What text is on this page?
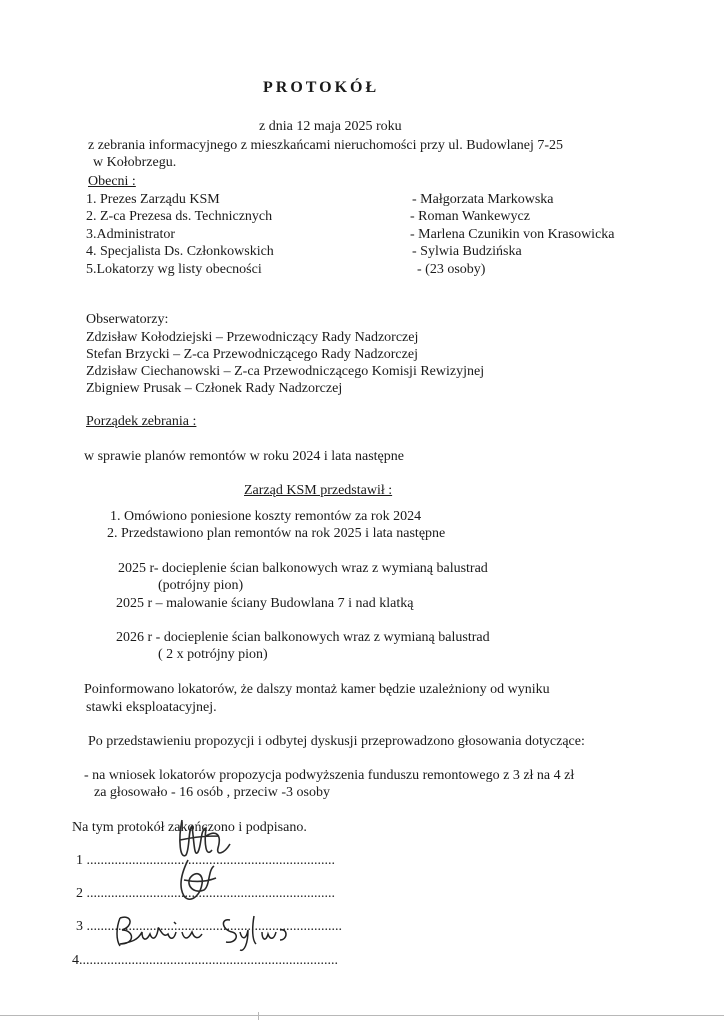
PROTOKÓŁ
z dnia 12 maja 2025 roku
z zebrania informacyjnego z mieszkańcami nieruchomości przy ul. Budowlanej 7-25
w Kołobrzegu.
Obecni :
1. Prezes Zarządu KSM	- Małgorzata Markowska
2. Z-ca Prezesa ds. Technicznych	- Roman Wankewycz
3.Administrator	- Marlena Czunikin von Krasowicka
4. Specjalista Ds. Członkowskich	- Sylwia Budzińska
5.Lokatorzy wg listy obecności	- (23 osoby)
Obserwatorzy:
Zdzisław Kołodziejski – Przewodniczący Rady Nadzorczej
Stefan Brzycki – Z-ca Przewodniczącego Rady Nadzorczej
Zdzisław Ciechanowski – Z-ca Przewodniczącego Komisji Rewizyjnej
Zbigniew Prusak – Członek Rady Nadzorczej
Porządek zebrania :
w sprawie planów remontów w roku 2024 i lata następne
Zarząd KSM przedstawił :
1. Omówiono poniesione koszty remontów za rok 2024
2. Przedstawiono plan remontów na rok 2025 i lata następne
2025 r- docieplenie ścian balkonowych wraz z wymianą balustrad
(potrójny pion)
2025 r – malowanie ściany Budowlana 7 i nad klatką
2026 r - docieplenie ścian balkonowych wraz z wymianą balustrad
( 2 x potrójny pion)
Poinformowano lokatorów, że dalszy montaż kamer będzie uzależniony od wyniku
stawki eksploatacyjnej.
Po przedstawieniu propozycji i odbytej dyskusji przeprowadzono głosowania dotyczące:
- na wniosek lokatorów propozycja podwyższenia funduszu remontowego z 3 zł na 4 zł
za głosowało - 16 osób , przeciw -3 osoby
Na tym protokół zakończono i podpisano.
1 .......................................................................
2 .......................................................................
3 .........................................................................
4..........................................................................
